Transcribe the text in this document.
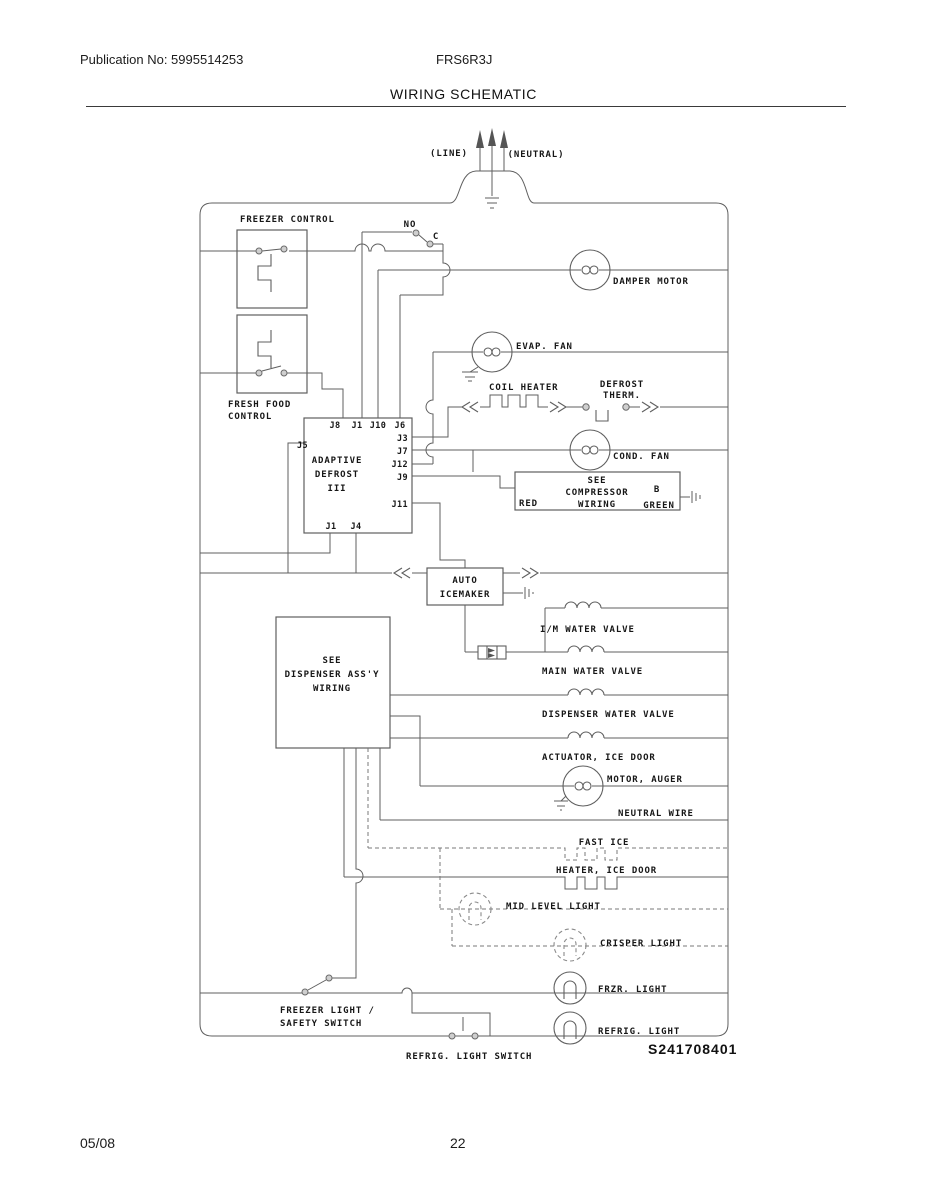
Publication No: 5995514253	FRS6R3J
WIRING SCHEMATIC
(LINE)	(NEUTRAL)
FREEZER CONTROL
FRESH FOOD
CONTROL
NO
C
ADAPTIVE
DEFROST
III
J8 J1 J10 J6
J5
J3
J7
J12
J9
J11
J1 J4
DAMPER MOTOR
EVAP. FAN
COIL HEATER	DEFROST
THERM.
COND. FAN
SEE
COMPRESSOR
WIRING
RED
B
GREEN
AUTO
ICEMAKER
SEE
DISPENSER ASS'Y
WIRING
I/M WATER VALVE
MAIN WATER VALVE
DISPENSER WATER VALVE
ACTUATOR, ICE DOOR
MOTOR, AUGER
NEUTRAL WIRE
FAST ICE
HEATER, ICE DOOR
MID LEVEL LIGHT
CRISPER LIGHT
FRZR. LIGHT
REFRIG. LIGHT
FREEZER LIGHT /
SAFETY SWITCH
REFRIG. LIGHT SWITCH	S241708401
05/08	22
